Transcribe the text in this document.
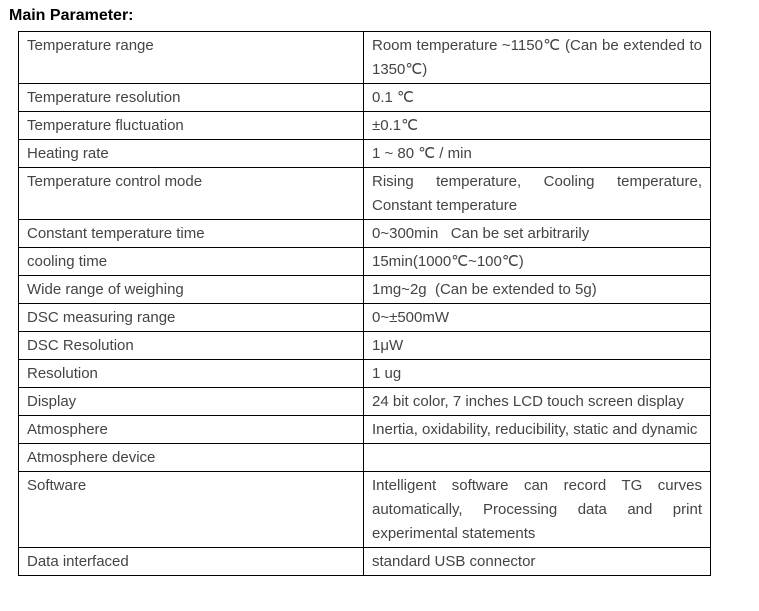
Main Parameter:
Temperature range	Room temperature ~1150℃ (Can be extended to 1350℃)
Temperature resolution	0.1 ℃
Temperature fluctuation	±0.1℃
Heating rate	1 ~ 80 ℃ / min
Temperature control mode	Rising temperature, Cooling temperature, Constant temperature
Constant temperature time	0~300min   Can be set arbitrarily
cooling time	15min(1000℃~100℃)
Wide range of weighing	1mg~2g  (Can be extended to 5g)
DSC measuring range	0~±500mW
DSC Resolution	1μW
Resolution	1 ug
Display	24 bit color, 7 inches LCD touch screen display
Atmosphere	Inertia, oxidability, reducibility, static and dynamic
Atmosphere device	
Software	Intelligent software can record TG curves automatically, Processing data and print experimental statements
Data interfaced	standard USB connector
